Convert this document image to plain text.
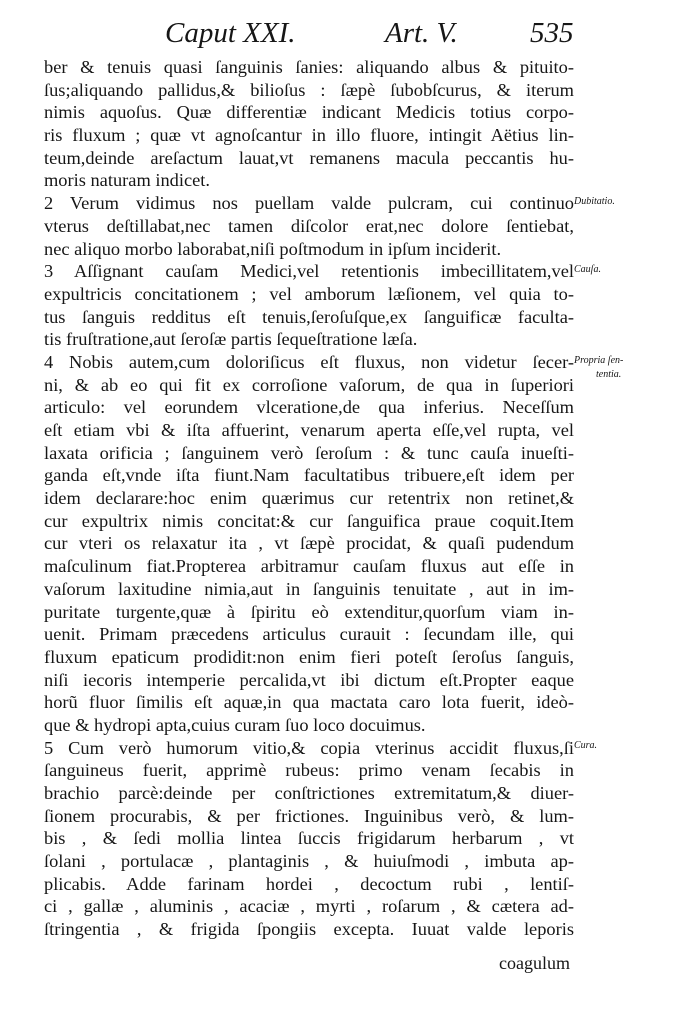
Caput XXI.	Art. V. 535
ber & tenuis quasi ſanguinis ſanies: aliquando albus & pituito-
ſus;aliquando pallidus,& bilioſus : ſæpè ſubobſcurus, & iterum
nimis aquoſus. Quæ differentiæ indicant Medicis totius corpo-
ris fluxum ; quæ vt agnoſcantur in illo fluore, intingit Aëtius lin-
teum,deinde areſactum lauat,vt remanens macula peccantis hu-
moris naturam indicet.
2 Verum vidimus nos puellam valde pulcram, cui continuo
vterus deſtillabat,nec tamen diſcolor erat,nec dolore ſentiebat,
nec aliquo morbo laborabat,niſi poſtmodum in ipſum inciderit.
3 Aſſignant cauſam Medici,vel retentionis imbecillitatem,vel
expultricis concitationem ; vel amborum læſionem, vel quia to-
tus ſanguis redditus eſt tenuis,ſeroſuſque,ex ſanguificæ faculta-
tis fruſtratione,aut ſeroſæ partis ſequeſtratione læſa.
4 Nobis autem,cum doloriſicus eſt fluxus, non videtur ſecer-
ni, & ab eo qui fit ex corroſione vaſorum, de qua in ſuperiori
articulo: vel eorundem vlceratione,de qua inferius. Neceſſum
eſt etiam vbi & iſta affuerint, venarum aperta eſſe,vel rupta, vel
laxata orificia ; ſanguinem verò ſeroſum : & tunc cauſa inueſti-
ganda eſt,vnde iſta fiunt.Nam facultatibus tribuere,eſt idem per
idem declarare:hoc enim quærimus cur retentrix non retinet,&
cur expultrix nimis concitat:& cur ſanguifica praue coquit.Item
cur vteri os relaxatur ita , vt ſæpè procidat, & quaſi pudendum
maſculinum fiat.Propterea arbitramur cauſam fluxus aut eſſe in
vaſorum laxitudine nimia,aut in ſanguinis tenuitate , aut in im-
puritate turgente,quæ à ſpiritu eò extenditur,quorſum viam in-
uenit. Primam præcedens articulus curauit : ſecundam ille, qui
fluxum epaticum prodidit:non enim fieri poteſt ſeroſus ſanguis,
niſi iecoris intemperie percalida,vt ibi dictum eſt.Propter eaque
horũ fluor ſimilis eſt aquæ,in qua mactata caro lota fuerit, ideò-
que & hydropi apta,cuius curam ſuo loco docuimus.
5 Cum verò humorum vitio,& copia vterinus accidit fluxus,ſi
ſanguineus fuerit, apprimè rubeus: primo venam ſecabis in
brachio parcè:deinde per conſtrictiones extremitatum,& diuer-
ſionem procurabis, & per frictiones. Inguinibus verò, & lum-
bis , & ſedi mollia lintea ſuccis frigidarum herbarum , vt
ſolani , portulacæ , plantaginis , & huiuſmodi , imbuta ap-
plicabis. Adde farinam hordei , decoctum rubi , lentiſ-
ci , gallæ , aluminis , acaciæ , myrti , roſarum , & cætera ad-
ſtringentia , & frigida ſpongiis excepta. Iuuat valde leporis
Dubitatio.
Cauſa.
Propria ſen-
tentia.
Cura.
coagulum
